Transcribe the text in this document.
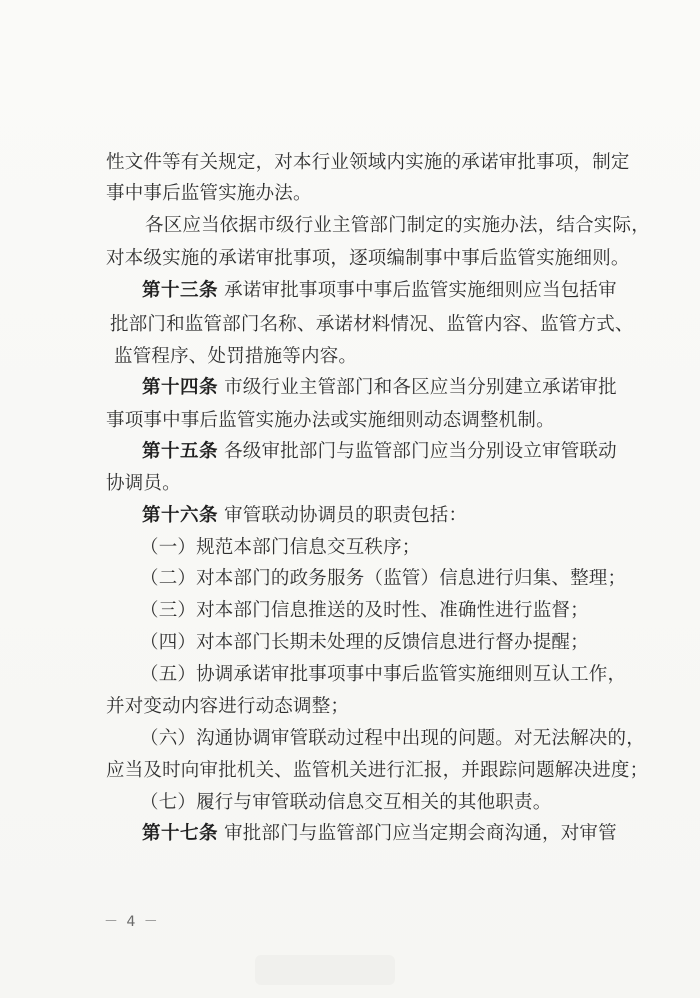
性文件等有关规定，对本行业领域内实施的承诺审批事项，制定
事中事后监管实施办法。
各区应当依据市级行业主管部门制定的实施办法，结合实际，
对本级实施的承诺审批事项，逐项编制事中事后监管实施细则。
第十三条 承诺审批事项事中事后监管实施细则应当包括审
批部门和监管部门名称、承诺材料情况、监管内容、监管方式、
监管程序、处罚措施等内容。
第十四条 市级行业主管部门和各区应当分别建立承诺审批
事项事中事后监管实施办法或实施细则动态调整机制。
第十五条 各级审批部门与监管部门应当分别设立审管联动
协调员。
第十六条 审管联动协调员的职责包括：
（一）规范本部门信息交互秩序；
（二）对本部门的政务服务（监管）信息进行归集、整理；
（三）对本部门信息推送的及时性、准确性进行监督；
（四）对本部门长期未处理的反馈信息进行督办提醒；
（五）协调承诺审批事项事中事后监管实施细则互认工作，
并对变动内容进行动态调整；
（六）沟通协调审管联动过程中出现的问题。对无法解决的，
应当及时向审批机关、监管机关进行汇报，并跟踪问题解决进度；
（七）履行与审管联动信息交互相关的其他职责。
第十七条 审批部门与监管部门应当定期会商沟通，对审管
－ 4 －
